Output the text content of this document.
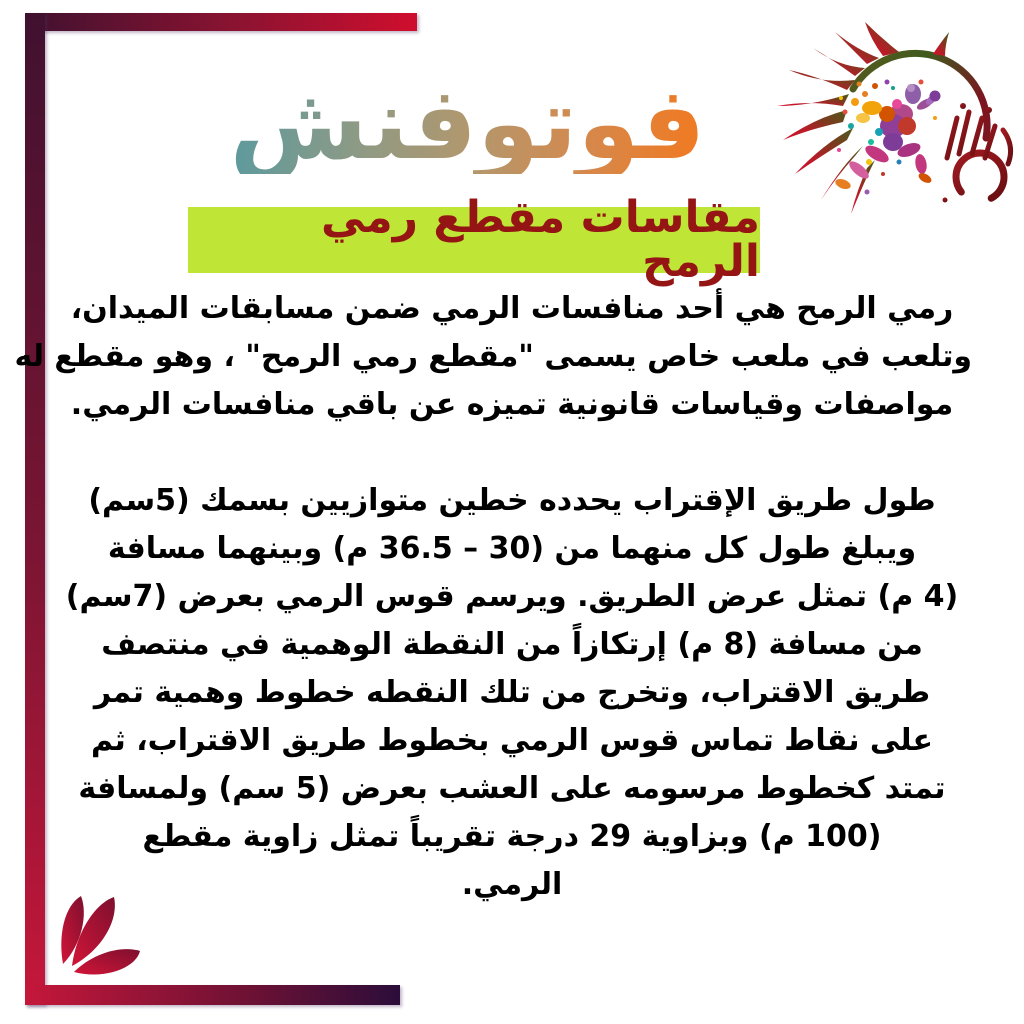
فوتوفنش
مقاسات مقطع رمي الرمح
رمي الرمح هي أحد منافسات الرمي ضمن مسابقات الميدان،
وتلعب في ملعب خاص يسمى "مقطع رمي الرمح" ، وهو مقطع له
مواصفات وقياسات قانونية تميزه عن باقي منافسات الرمي.
طول طريق الإقتراب يحدده خطين متوازيين بسمك (5سم)
ويبلغ طول كل منهما من (30 – 36.5 م) وبينهما مسافة
(4 م) تمثل عرض الطريق. ويرسم قوس الرمي بعرض (7سم)
من مسافة (8 م) إرتكازاً من النقطة الوهمية في منتصف
طريق الاقتراب، وتخرج من تلك النقطه خطوط وهمية تمر
على نقاط تماس قوس الرمي بخطوط طريق الاقتراب، ثم
تمتد كخطوط مرسومه على العشب بعرض (5 سم) ولمسافة
(100 م) وبزاوية 29 درجة تقريباً تمثل زاوية مقطع
الرمي.
